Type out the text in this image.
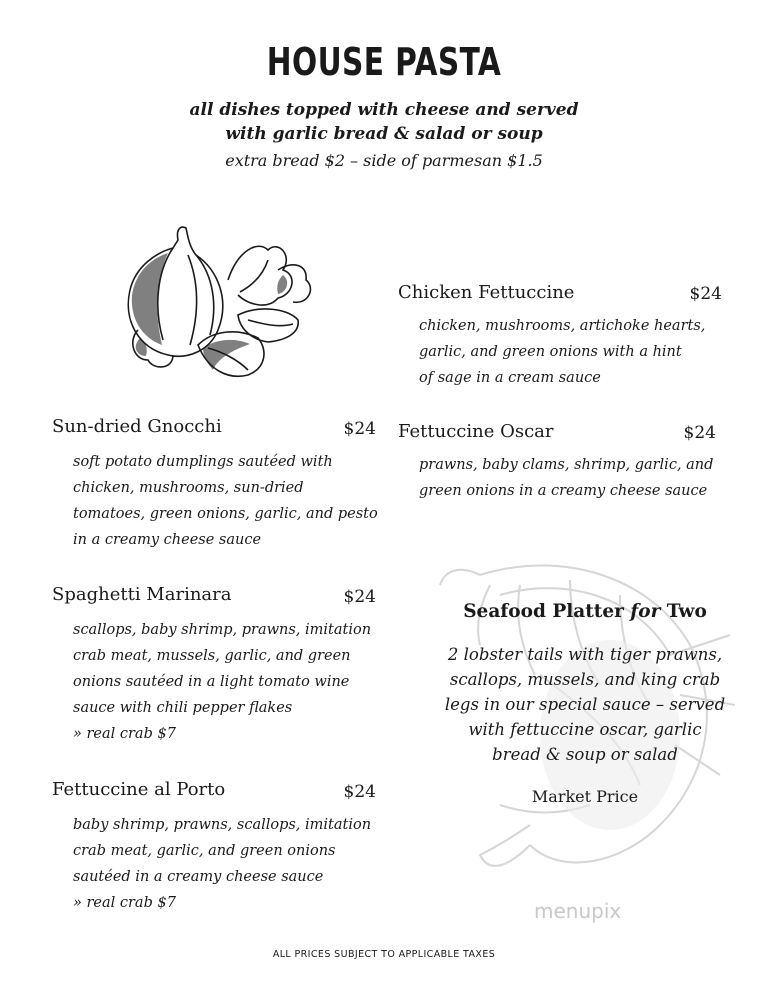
HOUSE PASTA
all dishes topped with cheese and served
with garlic bread & salad or soup
extra bread $2 – side of parmesan $1.5
Chicken Fettuccine	$24
chicken, mushrooms, artichoke hearts,
garlic, and green onions with a hint
of sage in a cream sauce
Fettuccine Oscar	$24
prawns, baby clams, shrimp, garlic, and
green onions in a creamy cheese sauce
Sun-dried Gnocchi	$24
soft potato dumplings sautéed with
chicken, mushrooms, sun-dried
tomatoes, green onions, garlic, and pesto
in a creamy cheese sauce
Spaghetti Marinara	$24
scallops, baby shrimp, prawns, imitation
crab meat, mussels, garlic, and green
onions sautéed in a light tomato wine
sauce with chili pepper flakes
» real crab $7
Fettuccine al Porto	$24
baby shrimp, prawns, scallops, imitation
crab meat, garlic, and green onions
sautéed in a creamy cheese sauce
» real crab $7
Seafood Platter for Two
2 lobster tails with tiger prawns,
scallops, mussels, and king crab
legs in our special sauce – served
with fettuccine oscar, garlic
bread & soup or salad
Market Price
menupix
ALL PRICES SUBJECT TO APPLICABLE TAXES
